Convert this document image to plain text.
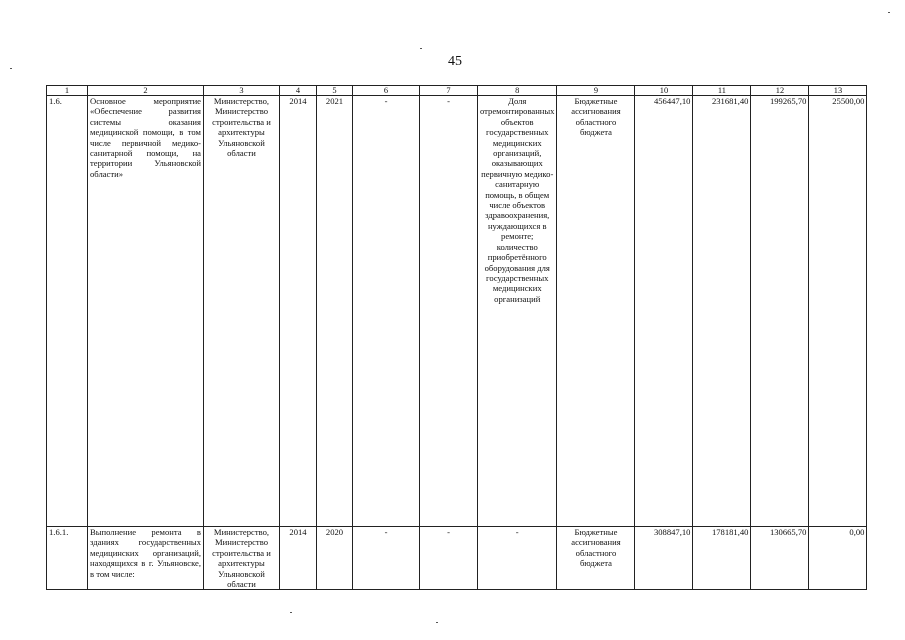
45
1	2	3	4	5	6	7	8	9	10	11	12	13
1.6.	Основное мероприятие «Обеспечение развития системы оказания медицинской помощи, в том числе первичной медико-санитарной помощи, на территории Ульяновской области»	Министерство, Министерство строительства и архитектуры Ульяновской области	2014	2021	-	-	Доля отремонтированных объектов государственных медицинских организаций, оказывающих первичную медико-санитарную помощь, в общем числе объектов здравоохранения, нуждающихся в ремонте; количество приобретённого оборудования для государственных медицинских организаций	Бюджетные ассигнования областного бюджета	456447,10	231681,40	199265,70	25500,00
1.6.1.	Выполнение ремонта в зданиях государственных медицинских организаций, находящихся в г. Ульяновске, в том числе:	Министерство, Министерство строительства и архитектуры Ульяновской области	2014	2020	-	-	-	Бюджетные ассигнования областного бюджета	308847,10	178181,40	130665,70	0,00
